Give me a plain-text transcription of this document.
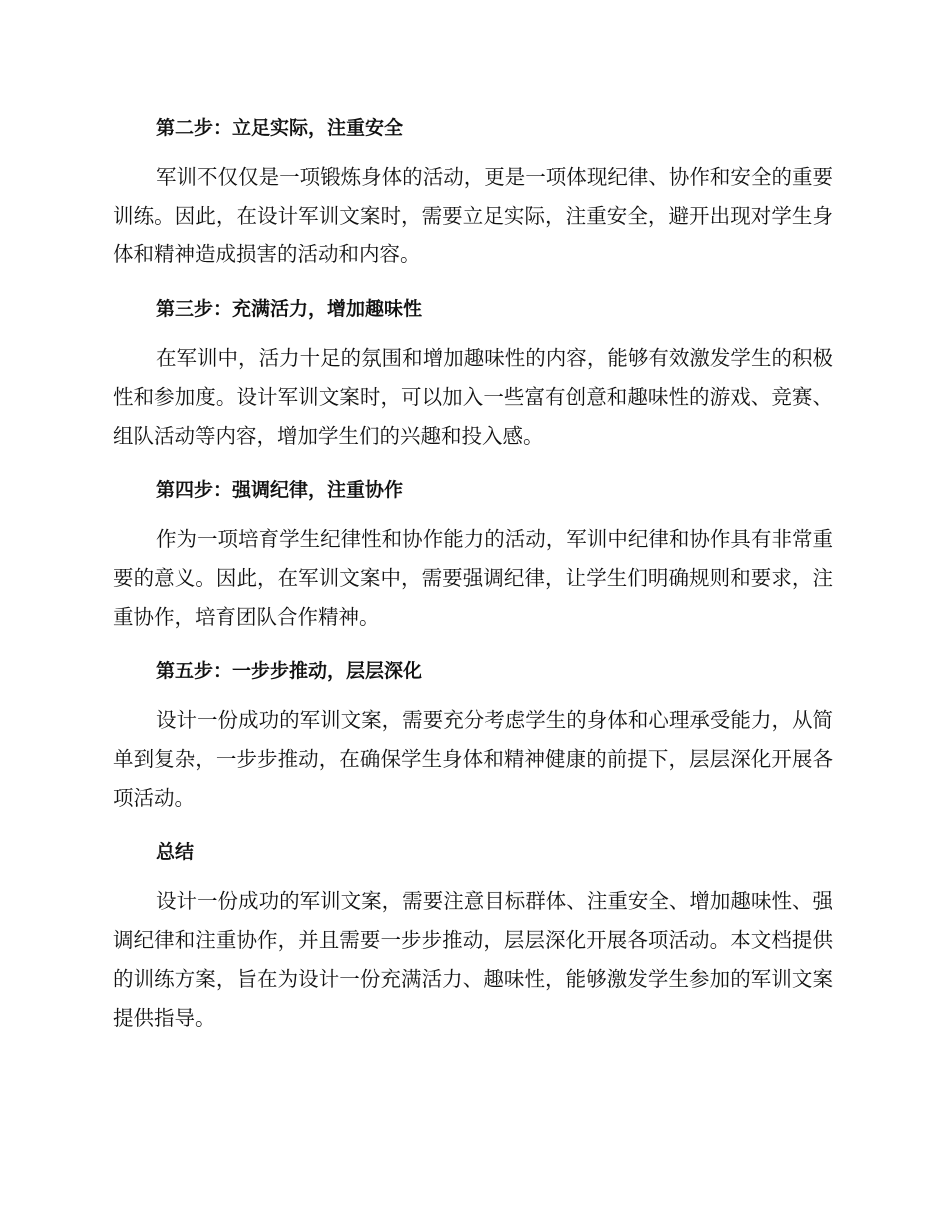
第二步：立足实际，注重安全

军训不仅仅是一项锻炼身体的活动，更是一项体现纪律、协作和安全的重要训练。因此，在设计军训文案时，需要立足实际，注重安全，避开出现对学生身体和精神造成损害的活动和内容。

第三步：充满活力，增加趣味性

在军训中，活力十足的氛围和增加趣味性的内容，能够有效激发学生的积极性和参加度。设计军训文案时，可以加入一些富有创意和趣味性的游戏、竞赛、组队活动等内容，增加学生们的兴趣和投入感。

第四步：强调纪律，注重协作

作为一项培育学生纪律性和协作能力的活动，军训中纪律和协作具有非常重要的意义。因此，在军训文案中，需要强调纪律，让学生们明确规则和要求，注重协作，培育团队合作精神。

第五步：一步步推动，层层深化

设计一份成功的军训文案，需要充分考虑学生的身体和心理承受能力，从简单到复杂，一步步推动，在确保学生身体和精神健康的前提下，层层深化开展各项活动。

总结

设计一份成功的军训文案，需要注意目标群体、注重安全、增加趣味性、强调纪律和注重协作，并且需要一步步推动，层层深化开展各项活动。本文档提供的训练方案，旨在为设计一份充满活力、趣味性，能够激发学生参加的军训文案提供指导。
